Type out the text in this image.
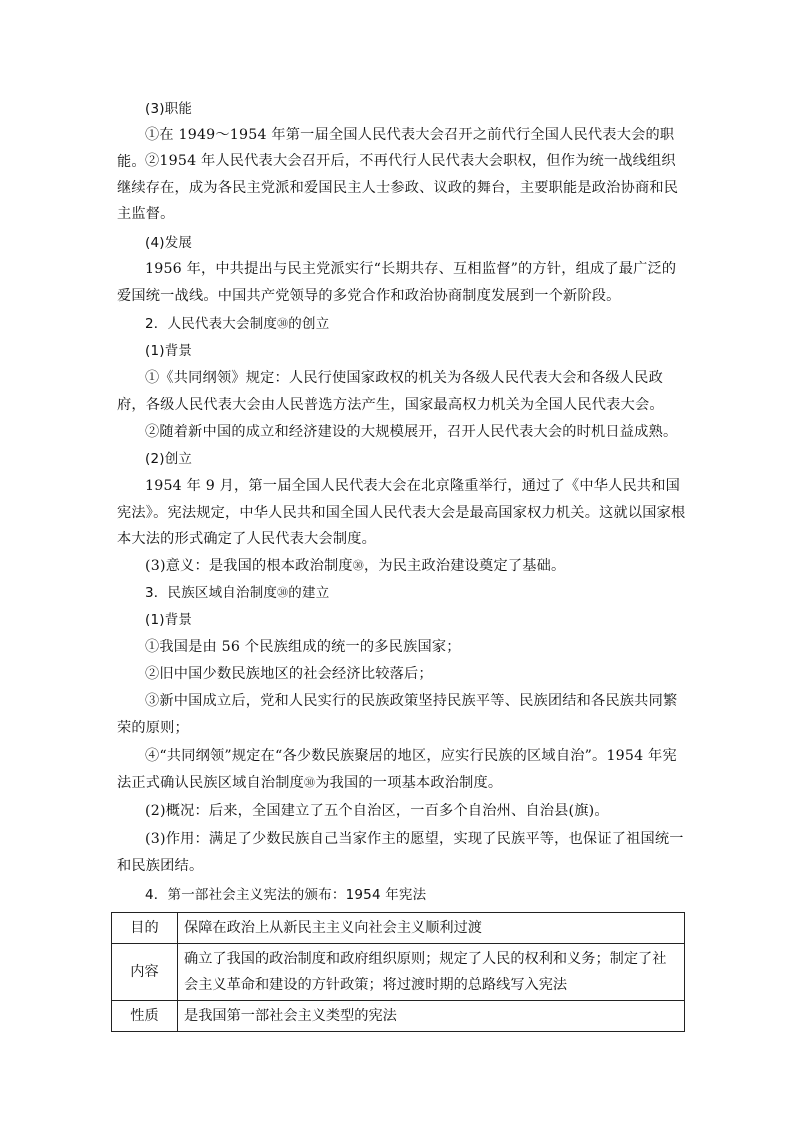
(3)职能

①在 1949～1954 年第一届全国人民代表大会召开之前代行全国人民代表大会的职能。 ②1954 年人民代表大会召开后，不再代行人民代表大会职权，但作为统一战线组织继续存在，成为各民主党派和爱国民主人士参政、议政的舞台，主要职能是政治协商和民主监督。

(4)发展

1956 年，中共提出与民主党派实行“长期共存、互相监督”的方针，组成了最广泛的爱国统一战线。中国共产党领导的多党合作和政治协商制度发展到一个新阶段。

2．人民代表大会制度㉚的创立

(1)背景

①《共同纲领》规定：人民行使国家政权的机关为各级人民代表大会和各级人民政府，各级人民代表大会由人民普选方法产生，国家最高权力机关为全国人民代表大会。

②随着新中国的成立和经济建设的大规模展开，召开人民代表大会的时机日益成熟。

(2)创立

1954 年 9 月，第一届全国人民代表大会在北京隆重举行，通过了《中华人民共和国宪法》。宪法规定，中华人民共和国全国人民代表大会是最高国家权力机关。这就以国家根本大法的形式确定了人民代表大会制度。

(3)意义：是我国的根本政治制度㉚，为民主政治建设奠定了基础。

3．民族区域自治制度㉚的建立

(1)背景

①我国是由 56 个民族组成的统一的多民族国家；

②旧中国少数民族地区的社会经济比较落后；

③新中国成立后，党和人民实行的民族政策坚持民族平等、民族团结和各民族共同繁荣的原则；

④“共同纲领”规定在“各少数民族聚居的地区，应实行民族的区域自治”。1954 年宪法正式确认民族区域自治制度㉚为我国的一项基本政治制度。

(2)概况：后来，全国建立了五个自治区，一百多个自治州、自治县(旗)。

(3)作用：满足了少数民族自己当家作主的愿望，实现了民族平等，也保证了祖国统一和民族团结。

4．第一部社会主义宪法的颁布：1954 年宪法

目的	保障在政治上从新民主主义向社会主义顺利过渡
内容	确立了我国的政治制度和政府组织原则；规定了人民的权利和义务；制定了社会主义革命和建设的方针政策；将过渡时期的总路线写入宪法
性质	是我国第一部社会主义类型的宪法
